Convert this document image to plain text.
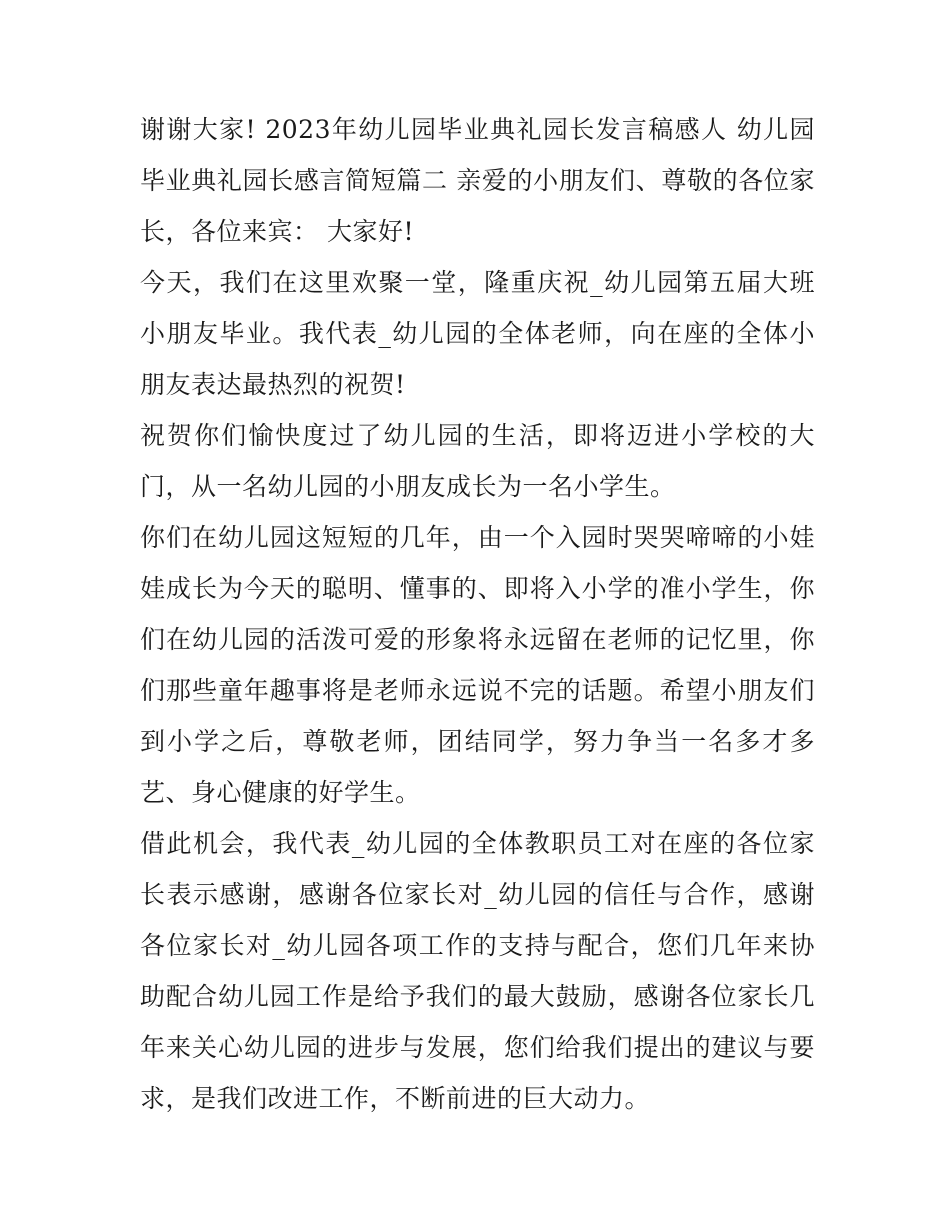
谢谢大家! 2023年幼儿园毕业典礼园长发言稿感人 幼儿园毕业典礼园长感言简短篇二 亲爱的小朋友们、尊敬的各位家长，各位来宾： 大家好!

今天，我们在这里欢聚一堂，隆重庆祝_幼儿园第五届大班小朋友毕业。我代表_幼儿园的全体老师，向在座的全体小朋友表达最热烈的祝贺!

祝贺你们愉快度过了幼儿园的生活，即将迈进小学校的大门，从一名幼儿园的小朋友成长为一名小学生。

你们在幼儿园这短短的几年，由一个入园时哭哭啼啼的小娃娃成长为今天的聪明、懂事的、即将入小学的准小学生，你们在幼儿园的活泼可爱的形象将永远留在老师的记忆里，你们那些童年趣事将是老师永远说不完的话题。希望小朋友们到小学之后，尊敬老师，团结同学，努力争当一名多才多艺、身心健康的好学生。

借此机会，我代表_幼儿园的全体教职员工对在座的各位家长表示感谢，感谢各位家长对_幼儿园的信任与合作，感谢各位家长对_幼儿园各项工作的支持与配合，您们几年来协助配合幼儿园工作是给予我们的最大鼓励，感谢各位家长几年来关心幼儿园的进步与发展，您们给我们提出的建议与要求，是我们改进工作，不断前进的巨大动力。
